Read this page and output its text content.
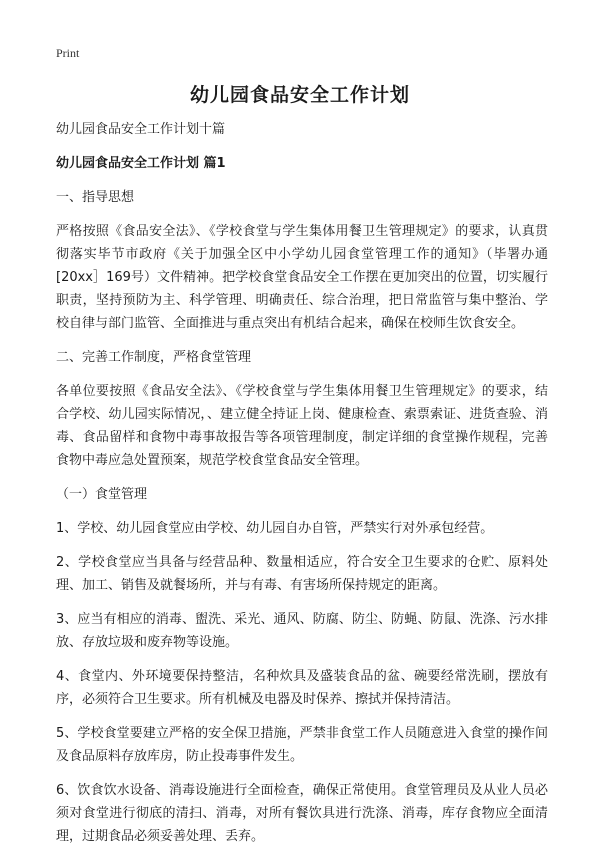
Print
幼儿园食品安全工作计划

幼儿园食品安全工作计划十篇

幼儿园食品安全工作计划 篇1

一、指导思想

严格按照《食品安全法》、《学校食堂与学生集体用餐卫生管理规定》的要求，认真贯彻落实毕节市政府《关于加强全区中小学幼儿园食堂管理工作的通知》（毕署办通[20xx］169号）文件精神。把学校食堂食品安全工作摆在更加突出的位置，切实履行职责，坚持预防为主、科学管理、明确责任、综合治理，把日常监管与集中整治、学校自律与部门监管、全面推进与重点突出有机结合起来，确保在校师生饮食安全。

二、完善工作制度，严格食堂管理

各单位要按照《食品安全法》、《学校食堂与学生集体用餐卫生管理规定》的要求，结合学校、幼儿园实际情况，、建立健全持证上岗、健康检查、索票索证、进货查验、消毒、食品留样和食物中毒事故报告等各项管理制度，制定详细的食堂操作规程，完善食物中毒应急处置预案，规范学校食堂食品安全管理。

（一）食堂管理

1、学校、幼儿园食堂应由学校、幼儿园自办自管，严禁实行对外承包经营。

2、学校食堂应当具备与经营品种、数量相适应，符合安全卫生要求的仓贮、原料处理、加工、销售及就餐场所，并与有毒、有害场所保持规定的距离。

3、应当有相应的消毒、盥洗、采光、通风、防腐、防尘、防蝇、防鼠、洗涤、污水排放、存放垃圾和废弃物等设施。

4、食堂内、外环境要保持整洁，名种炊具及盛装食品的盆、碗要经常洗刷，摆放有序，必须符合卫生要求。所有机械及电器及时保养、擦拭并保持清洁。

5、学校食堂要建立严格的安全保卫措施，严禁非食堂工作人员随意进入食堂的操作间及食品原料存放库房，防止投毒事件发生。

6、饮食饮水设备、消毒设施进行全面检查，确保正常使用。食堂管理员及从业人员必须对食堂进行彻底的清扫、消毒，对所有餐饮具进行洗涤、消毒，库存食物应全面清理，过期食品必须妥善处理、丢弃。
